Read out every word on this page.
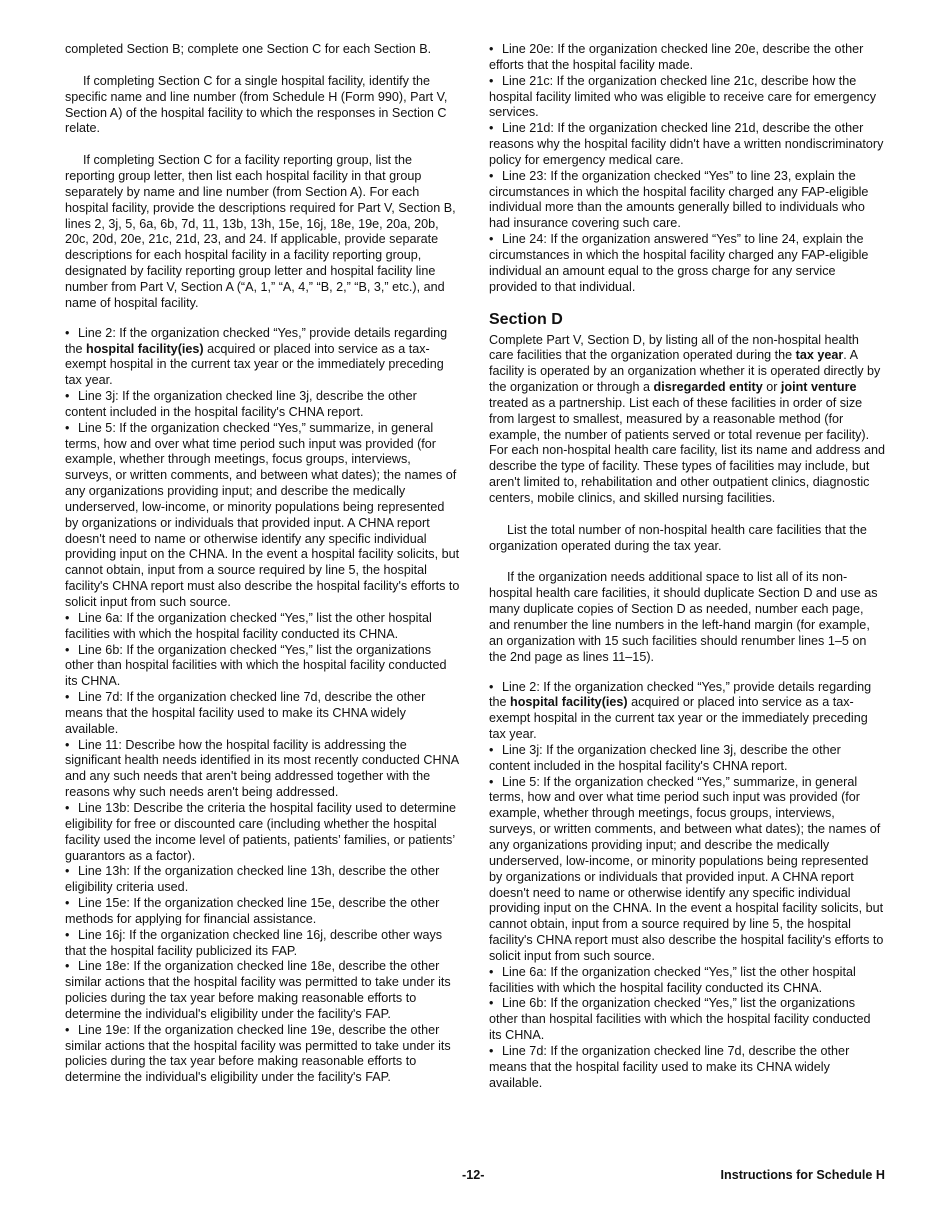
completed Section B; complete one Section C for each Section B.

If completing Section C for a single hospital facility, identify the specific name and line number (from Schedule H (Form 990), Part V, Section A) of the hospital facility to which the responses in Section C relate.

If completing Section C for a facility reporting group, list the reporting group letter, then list each hospital facility in that group separately by name and line number (from Section A). For each hospital facility, provide the descriptions required for Part V, Section B, lines 2, 3j, 5, 6a, 6b, 7d, 11, 13b, 13h, 15e, 16j, 18e, 19e, 20a, 20b, 20c, 20d, 20e, 21c, 21d, 23, and 24. If applicable, provide separate descriptions for each hospital facility in a facility reporting group, designated by facility reporting group letter and hospital facility line number from Part V, Section A (“A, 1,” “A, 4,” “B, 2,” “B, 3,” etc.), and name of hospital facility.

• Line 2: If the organization checked “Yes,” provide details regarding the hospital facility(ies) acquired or placed into service as a tax-exempt hospital in the current tax year or the immediately preceding tax year.

• Line 3j: If the organization checked line 3j, describe the other content included in the hospital facility's CHNA report.

• Line 5: If the organization checked “Yes,” summarize, in general terms, how and over what time period such input was provided (for example, whether through meetings, focus groups, interviews, surveys, or written comments, and between what dates); the names of any organizations providing input; and describe the medically underserved, low-income, or minority populations being represented by organizations or individuals that provided input. A CHNA report doesn't need to name or otherwise identify any specific individual providing input on the CHNA. In the event a hospital facility solicits, but cannot obtain, input from a source required by line 5, the hospital facility's CHNA report must also describe the hospital facility's efforts to solicit input from such source.

• Line 6a: If the organization checked “Yes,” list the other hospital facilities with which the hospital facility conducted its CHNA.

• Line 6b: If the organization checked “Yes,” list the organizations other than hospital facilities with which the hospital facility conducted its CHNA.

• Line 7d: If the organization checked line 7d, describe the other means that the hospital facility used to make its CHNA widely available.

• Line 11: Describe how the hospital facility is addressing the significant health needs identified in its most recently conducted CHNA and any such needs that aren't being addressed together with the reasons why such needs aren't being addressed.

• Line 13b: Describe the criteria the hospital facility used to determine eligibility for free or discounted care (including whether the hospital facility used the income level of patients, patients’ families, or patients’ guarantors as a factor).

• Line 13h: If the organization checked line 13h, describe the other eligibility criteria used.

• Line 15e: If the organization checked line 15e, describe the other methods for applying for financial assistance.

• Line 16j: If the organization checked line 16j, describe other ways that the hospital facility publicized its FAP.

• Line 18e: If the organization checked line 18e, describe the other similar actions that the hospital facility was permitted to take under its policies during the tax year before making reasonable efforts to determine the individual's eligibility under the facility's FAP.

• Line 19e: If the organization checked line 19e, describe the other similar actions that the hospital facility was permitted to take under its policies during the tax year before making reasonable efforts to determine the individual's eligibility under the facility's FAP.

• Line 20e: If the organization checked line 20e, describe the other efforts that the hospital facility made.

• Line 21c: If the organization checked line 21c, describe how the hospital facility limited who was eligible to receive care for emergency services.

• Line 21d: If the organization checked line 21d, describe the other reasons why the hospital facility didn't have a written nondiscriminatory policy for emergency medical care.

• Line 23: If the organization checked “Yes” to line 23, explain the circumstances in which the hospital facility charged any FAP-eligible individual more than the amounts generally billed to individuals who had insurance covering such care.

• Line 24: If the organization answered “Yes” to line 24, explain the circumstances in which the hospital facility charged any FAP-eligible individual an amount equal to the gross charge for any service provided to that individual.

Section D

Complete Part V, Section D, by listing all of the non-hospital health care facilities that the organization operated during the tax year. A facility is operated by an organization whether it is operated directly by the organization or through a disregarded entity or joint venture treated as a partnership. List each of these facilities in order of size from largest to smallest, measured by a reasonable method (for example, the number of patients served or total revenue per facility). For each non-hospital health care facility, list its name and address and describe the type of facility. These types of facilities may include, but aren't limited to, rehabilitation and other outpatient clinics, diagnostic centers, mobile clinics, and skilled nursing facilities.

List the total number of non-hospital health care facilities that the organization operated during the tax year.

If the organization needs additional space to list all of its non-hospital health care facilities, it should duplicate Section D and use as many duplicate copies of Section D as needed, number each page, and renumber the line numbers in the left-hand margin (for example, an organization with 15 such facilities should renumber lines 1–5 on the 2nd page as lines 11–15).

• Line 2: If the organization checked “Yes,” provide details regarding the hospital facility(ies) acquired or placed into service as a tax-exempt hospital in the current tax year or the immediately preceding tax year.

• Line 3j: If the organization checked line 3j, describe the other content included in the hospital facility's CHNA report.

• Line 5: If the organization checked “Yes,” summarize, in general terms, how and over what time period such input was provided (for example, whether through meetings, focus groups, interviews, surveys, or written comments, and between what dates); the names of any organizations providing input; and describe the medically underserved, low-income, or minority populations being represented by organizations or individuals that provided input. A CHNA report doesn't need to name or otherwise identify any specific individual providing input on the CHNA. In the event a hospital facility solicits, but cannot obtain, input from a source required by line 5, the hospital facility's CHNA report must also describe the hospital facility's efforts to solicit input from such source.

• Line 6a: If the organization checked “Yes,” list the other hospital facilities with which the hospital facility conducted its CHNA.

• Line 6b: If the organization checked “Yes,” list the organizations other than hospital facilities with which the hospital facility conducted its CHNA.

• Line 7d: If the organization checked line 7d, describe the other means that the hospital facility used to make its CHNA widely available.

-12-	Instructions for Schedule H
